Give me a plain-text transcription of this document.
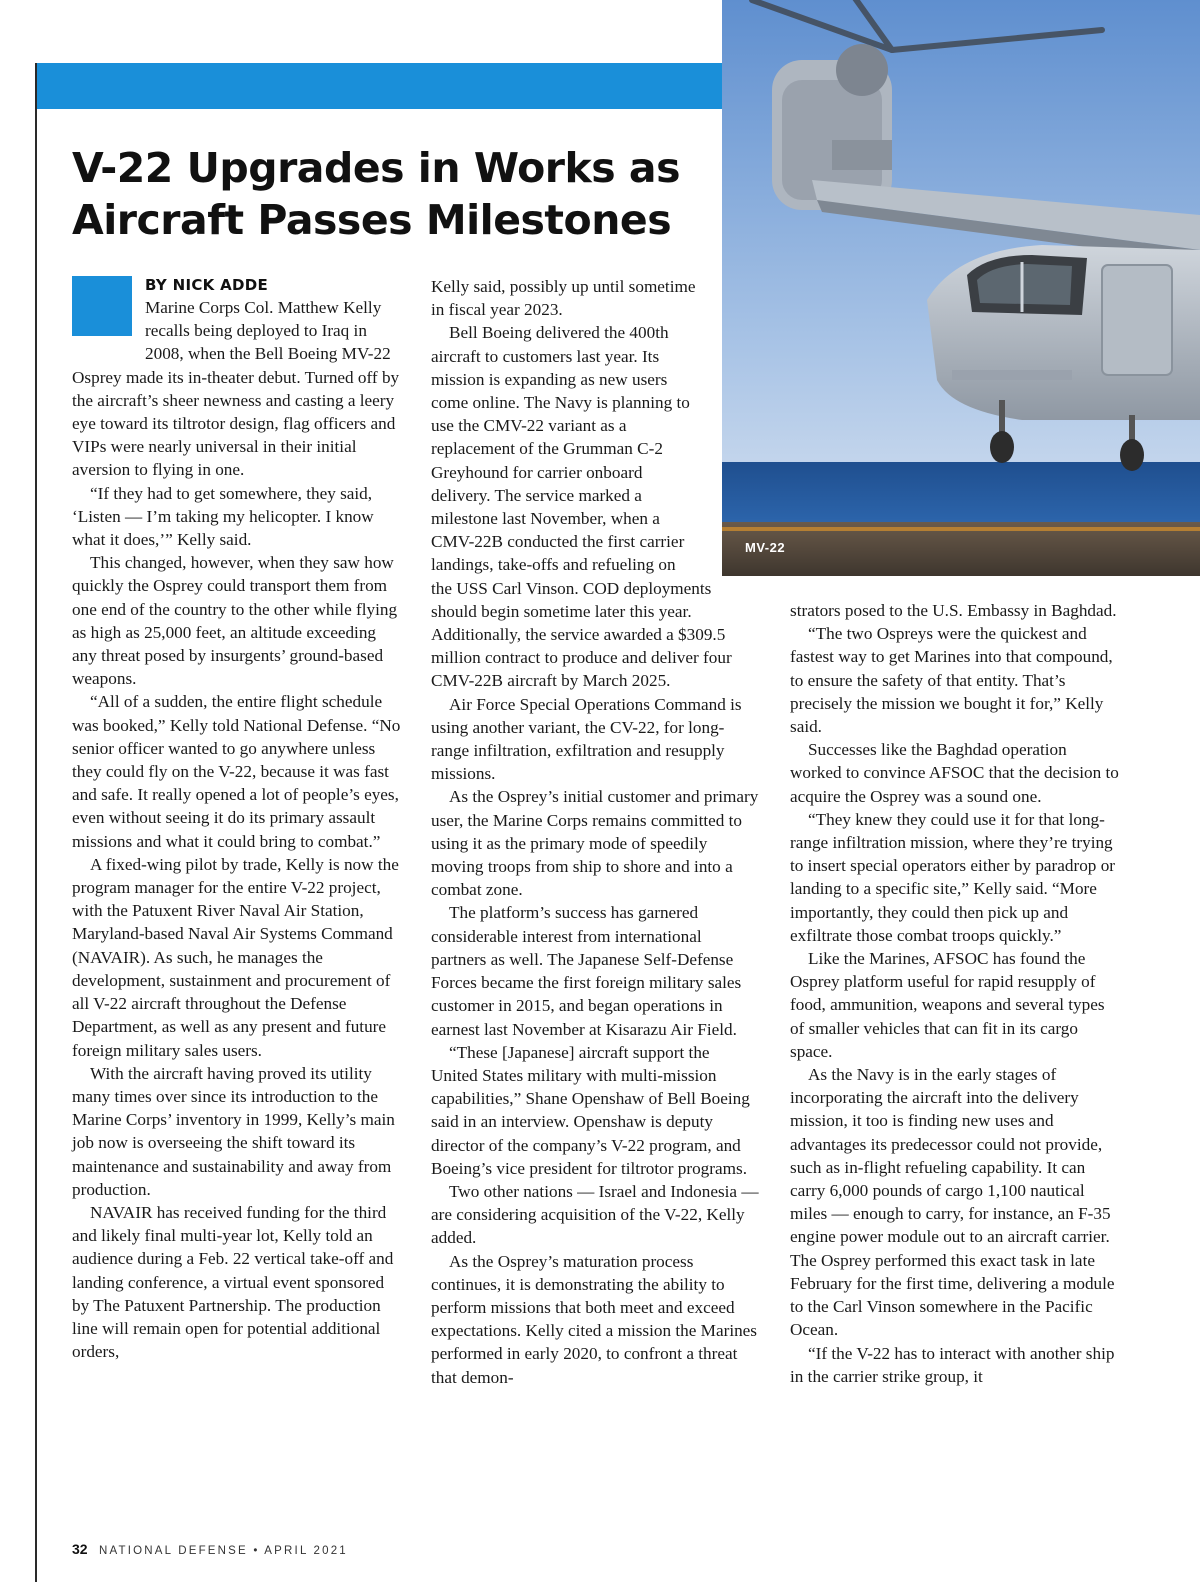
MV-22
V-22 Upgrades in Works as
Aircraft Passes Milestones
BY NICK ADDE

Marine Corps Col. Matthew Kelly recalls being deployed to Iraq in 2008, when the Bell Boeing MV-22 Osprey made its in-theater debut. Turned off by the aircraft’s sheer newness and casting a leery eye toward its tiltrotor design, flag officers and VIPs were nearly universal in their initial aversion to flying in one.

“If they had to get somewhere, they said, ‘Listen — I’m taking my helicopter. I know what it does,’” Kelly said.

This changed, however, when they saw how quickly the Osprey could transport them from one end of the country to the other while flying as high as 25,000 feet, an altitude exceeding any threat posed by insurgents’ ground-based weapons.

“All of a sudden, the entire flight schedule was booked,” Kelly told National Defense. “No senior officer wanted to go anywhere unless they could fly on the V-22, because it was fast and safe. It really opened a lot of people’s eyes, even without seeing it do its primary assault missions and what it could bring to combat.”

A fixed-wing pilot by trade, Kelly is now the program manager for the entire V-22 project, with the Patuxent River Naval Air Station, Maryland-based Naval Air Systems Command (NAVAIR). As such, he manages the development, sustainment and procurement of all V-22 aircraft throughout the Defense Department, as well as any present and future foreign military sales users.

With the aircraft having proved its utility many times over since its introduction to the Marine Corps’ inventory in 1999, Kelly’s main job now is overseeing the shift toward its maintenance and sustainability and away from production.

NAVAIR has received funding for the third and likely final multi-year lot, Kelly told an audience during a Feb. 22 vertical take-off and landing conference, a virtual event sponsored by The Patuxent Partnership. The production line will remain open for potential additional orders,

Kelly said, possibly up until sometime in fiscal year 2023.

Bell Boeing delivered the 400th aircraft to customers last year. Its mission is expanding as new users come online. The Navy is planning to use the CMV-22 variant as a replacement of the Grumman C-2 Greyhound for carrier onboard delivery. The service marked a milestone last November, when a CMV-22B conducted the first carrier landings, take-offs and refueling on

the USS Carl Vinson. COD deployments should begin sometime later this year. Additionally, the service awarded a $309.5 million contract to produce and deliver four CMV-22B aircraft by March 2025.

Air Force Special Operations Command is using another variant, the CV-22, for long-range infiltration, exfiltration and resupply missions.

As the Osprey’s initial customer and primary user, the Marine Corps remains committed to using it as the primary mode of speedily moving troops from ship to shore and into a combat zone.

The platform’s success has garnered considerable interest from international partners as well. The Japanese Self-Defense Forces became the first foreign military sales customer in 2015, and began operations in earnest last November at Kisarazu Air Field.

“These [Japanese] aircraft support the United States military with multi-mission capabilities,” Shane Openshaw of Bell Boeing said in an interview. Openshaw is deputy director of the company’s V-22 program, and Boeing’s vice president for tiltrotor programs.

Two other nations — Israel and Indonesia — are considering acquisition of the V-22, Kelly added.

As the Osprey’s maturation process continues, it is demonstrating the ability to perform missions that both meet and exceed expectations. Kelly cited a mission the Marines performed in early 2020, to confront a threat that demon-

strators posed to the U.S. Embassy in Baghdad.

“The two Ospreys were the quickest and fastest way to get Marines into that compound, to ensure the safety of that entity. That’s precisely the mission we bought it for,” Kelly said.

Successes like the Baghdad operation worked to convince AFSOC that the decision to acquire the Osprey was a sound one.

“They knew they could use it for that long-range infiltration mission, where they’re trying to insert special operators either by paradrop or landing to a specific site,” Kelly said. “More importantly, they could then pick up and exfiltrate those combat troops quickly.”

Like the Marines, AFSOC has found the Osprey platform useful for rapid resupply of food, ammunition, weapons and several types of smaller vehicles that can fit in its cargo space.

As the Navy is in the early stages of incorporating the aircraft into the delivery mission, it too is finding new uses and advantages its predecessor could not provide, such as in-flight refueling capability. It can carry 6,000 pounds of cargo 1,100 nautical miles — enough to carry, for instance, an F-35 engine power module out to an aircraft carrier. The Osprey performed this exact task in late February for the first time, delivering a module to the Carl Vinson somewhere in the Pacific Ocean.

“If the V-22 has to interact with another ship in the carrier strike group, it

32 NATIONAL DEFENSE • APRIL 2021
